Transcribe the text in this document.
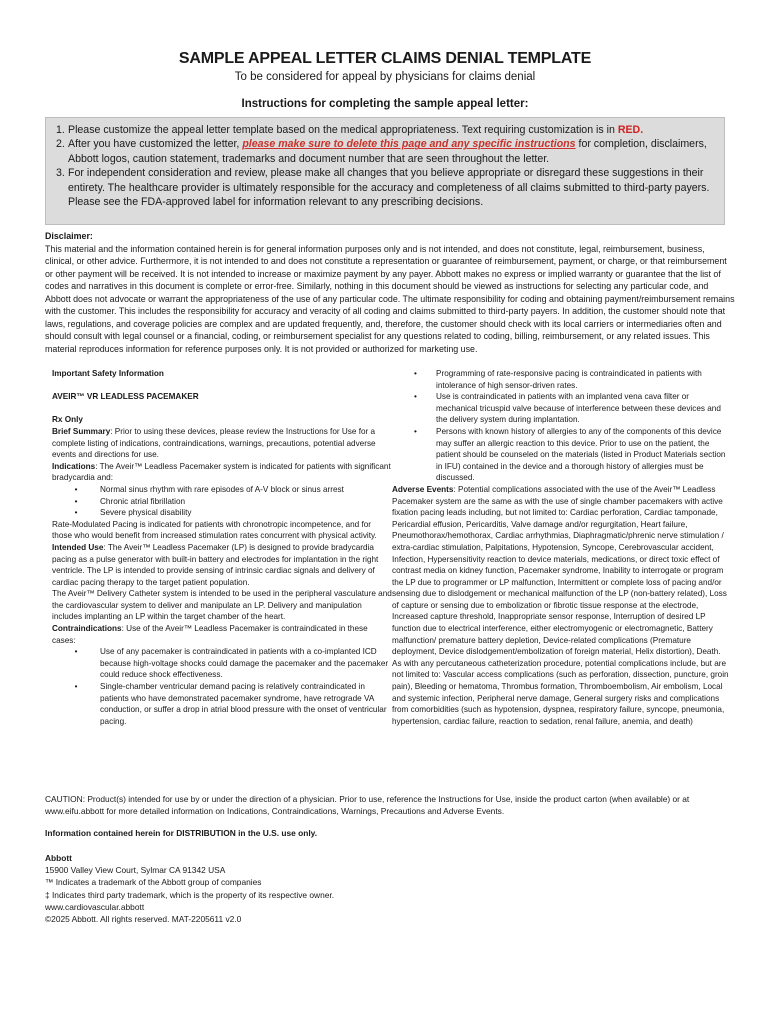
SAMPLE APPEAL LETTER CLAIMS DENIAL TEMPLATE
To be considered for appeal by physicians for claims denial
Instructions for completing the sample appeal letter:
1. Please customize the appeal letter template based on the medical appropriateness. Text requiring customization is in RED.
2. After you have customized the letter, please make sure to delete this page and any specific instructions for completion, disclaimers, Abbott logos, caution statement, trademarks and document number that are seen throughout the letter.
3. For independent consideration and review, please make all changes that you believe appropriate or disregard these suggestions in their entirety. The healthcare provider is ultimately responsible for the accuracy and completeness of all claims submitted to third-party payers. Please see the FDA-approved label for information relevant to any prescribing decisions.
Disclaimer:
This material and the information contained herein is for general information purposes only and is not intended, and does not constitute, legal, reimbursement, business, clinical, or other advice. Furthermore, it is not intended to and does not constitute a representation or guarantee of reimbursement, payment, or charge, or that reimbursement or other payment will be received. It is not intended to increase or maximize payment by any payer. Abbott makes no express or implied warranty or guarantee that the list of codes and narratives in this document is complete or error-free. Similarly, nothing in this document should be viewed as instructions for selecting any particular code, and Abbott does not advocate or warrant the appropriateness of the use of any particular code. The ultimate responsibility for coding and obtaining payment/reimbursement remains with the customer. This includes the responsibility for accuracy and veracity of all coding and claims submitted to third-party payers. In addition, the customer should note that laws, regulations, and coverage policies are complex and are updated frequently, and, therefore, the customer should check with its local carriers or intermediaries often and should consult with legal counsel or a financial, coding, or reimbursement specialist for any questions related to coding, billing, reimbursement, or any related issues. This material reproduces information for reference purposes only. It is not provided or authorized for marketing use.
Important Safety Information
AVEIR™ VR LEADLESS PACEMAKER
Rx Only
Brief Summary: Prior to using these devices, please review the Instructions for Use for a complete listing of indications, contraindications, warnings, precautions, potential adverse events and directions for use.
Indications: The Aveir™ Leadless Pacemaker system is indicated for patients with significant bradycardia and:
•	Normal sinus rhythm with rare episodes of A-V block or sinus arrest
•	Chronic atrial fibrillation
•	Severe physical disability
Rate-Modulated Pacing is indicated for patients with chronotropic incompetence, and for those who would benefit from increased stimulation rates concurrent with physical activity.
Intended Use: The Aveir™ Leadless Pacemaker (LP) is designed to provide bradycardia pacing as a pulse generator with built-in battery and electrodes for implantation in the right ventricle. The LP is intended to provide sensing of intrinsic cardiac signals and delivery of cardiac pacing therapy to the target patient population.
The Aveir™ Delivery Catheter system is intended to be used in the peripheral vasculature and the cardiovascular system to deliver and manipulate an LP. Delivery and manipulation includes implanting an LP within the target chamber of the heart.
Contraindications: Use of the Aveir™ Leadless Pacemaker is contraindicated in these cases:
•	Use of any pacemaker is contraindicated in patients with a co-implanted ICD because high-voltage shocks could damage the pacemaker and the pacemaker could reduce shock effectiveness.
•	Single-chamber ventricular demand pacing is relatively contraindicated in patients who have demonstrated pacemaker syndrome, have retrograde VA conduction, or suffer a drop in atrial blood pressure with the onset of ventricular pacing.
•	Programming of rate-responsive pacing is contraindicated in patients with intolerance of high sensor-driven rates.
•	Use is contraindicated in patients with an implanted vena cava filter or mechanical tricuspid valve because of interference between these devices and the delivery system during implantation.
•	Persons with known history of allergies to any of the components of this device may suffer an allergic reaction to this device. Prior to use on the patient, the patient should be counseled on the materials (listed in Product Materials section in IFU) contained in the device and a thorough history of allergies must be discussed.
Adverse Events: Potential complications associated with the use of the Aveir™ Leadless Pacemaker system are the same as with the use of single chamber pacemakers with active fixation pacing leads including, but not limited to: Cardiac perforation, Cardiac tamponade, Pericardial effusion, Pericarditis, Valve damage and/or regurgitation, Heart failure, Pneumothorax/hemothorax, Cardiac arrhythmias, Diaphragmatic/phrenic nerve stimulation / extra-cardiac stimulation, Palpitations, Hypotension, Syncope, Cerebrovascular accident, Infection, Hypersensitivity reaction to device materials, medications, or direct toxic effect of contrast media on kidney function, Pacemaker syndrome, Inability to interrogate or program the LP due to programmer or LP malfunction, Intermittent or complete loss of pacing and/or sensing due to dislodgement or mechanical malfunction of the LP (non-battery related), Loss of capture or sensing due to embolization or fibrotic tissue response at the electrode, Increased capture threshold, Inappropriate sensor response, Interruption of desired LP function due to electrical interference, either electromyogenic or electromagnetic, Battery malfunction/ premature battery depletion, Device-related complications (Premature deployment, Device dislodgement/embolization of foreign material, Helix distortion), Death.
As with any percutaneous catheterization procedure, potential complications include, but are not limited to: Vascular access complications (such as perforation, dissection, puncture, groin pain), Bleeding or hematoma, Thrombus formation, Thromboembolism, Air embolism, Local and systemic infection, Peripheral nerve damage, General surgery risks and complications from comorbidities (such as hypotension, dyspnea, respiratory failure, syncope, pneumonia, hypertension, cardiac failure, reaction to sedation, renal failure, anemia, and death)
CAUTION: Product(s) intended for use by or under the direction of a physician. Prior to use, reference the Instructions for Use, inside the product carton (when available) or at www.eifu.abbott for more detailed information on Indications, Contraindications, Warnings, Precautions and Adverse Events.
Information contained herein for DISTRIBUTION in the U.S. use only.
Abbott
15900 Valley View Court, Sylmar CA 91342 USA
™ Indicates a trademark of the Abbott group of companies
‡ Indicates third party trademark, which is the property of its respective owner.
www.cardiovascular.abbott
©2025 Abbott. All rights reserved. MAT-2205611 v2.0
